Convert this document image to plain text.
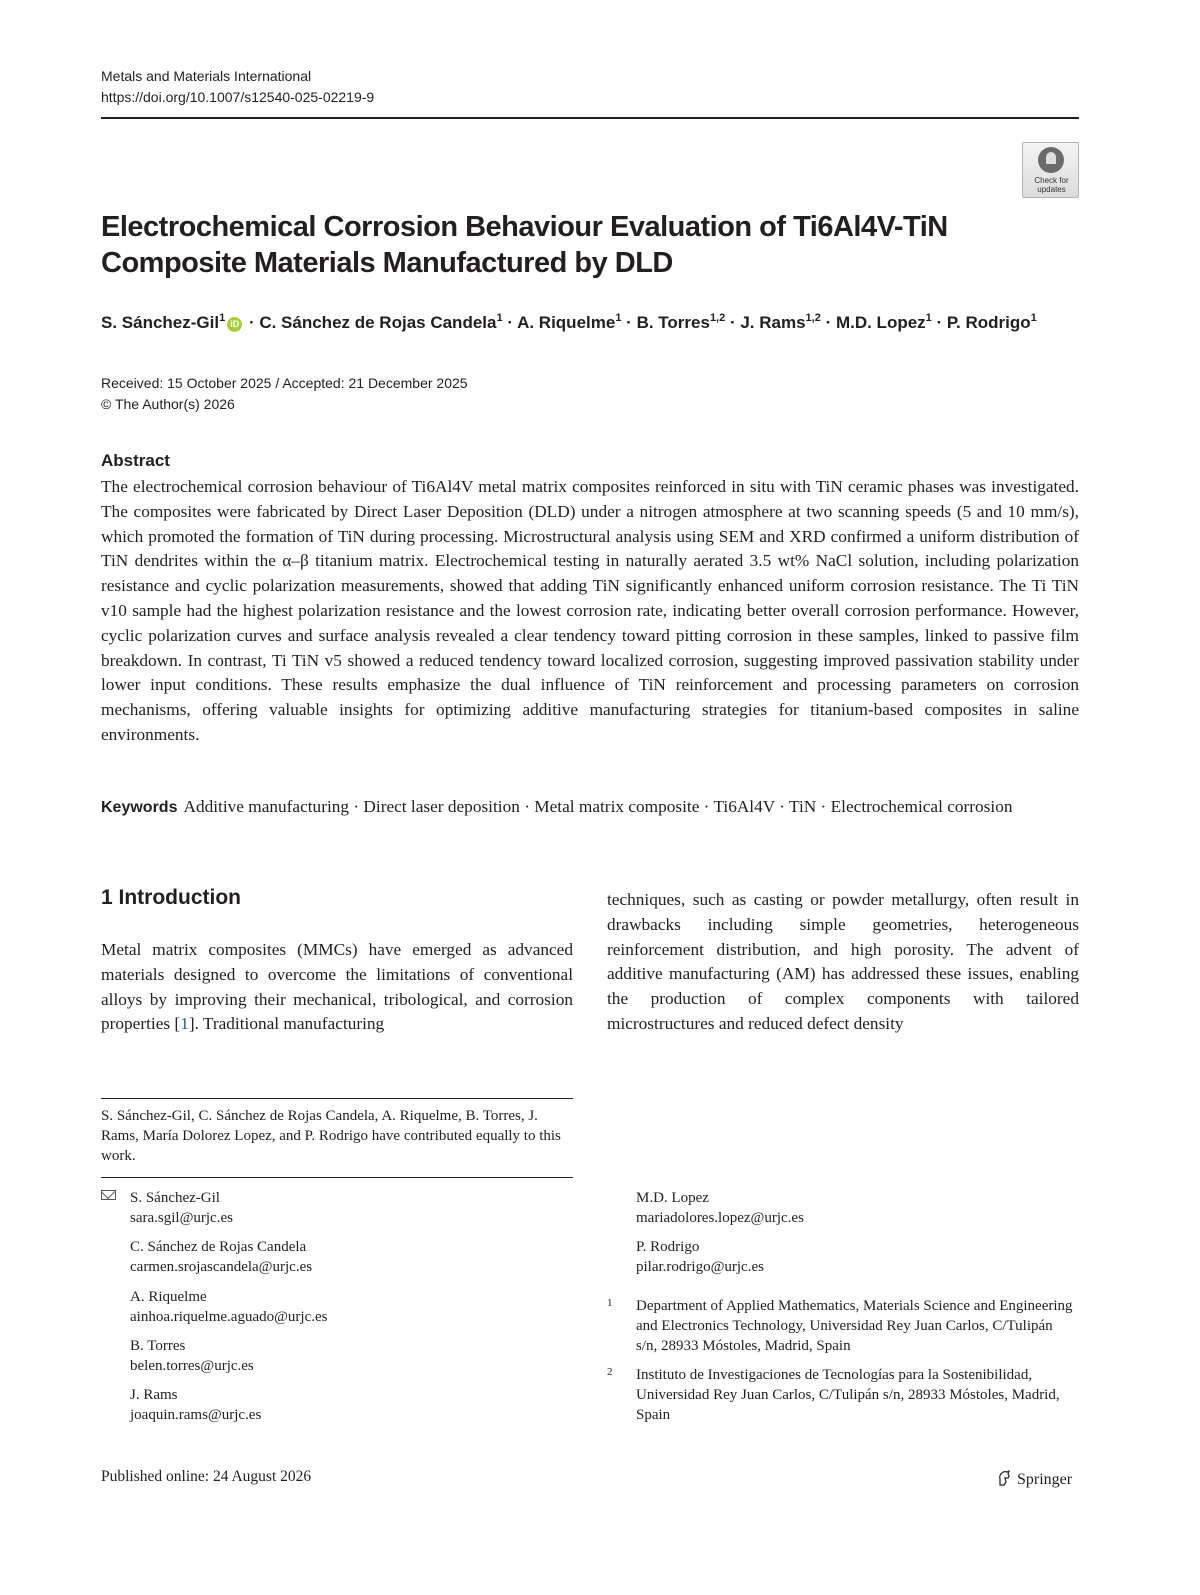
Metals and Materials International
https://doi.org/10.1007/s12540-025-02219-9
Check for
updates
Electrochemical Corrosion Behaviour Evaluation of Ti6Al4V-TiN
Composite Materials Manufactured by DLD
S. Sánchez-Gil$^1$ iD · C. Sánchez de Rojas Candela$^1$ · A. Riquelme$^1$ · B. Torres$^{1,2}$ · J. Rams$^{1,2}$ · M.D. Lopez$^1$ · P. Rodrigo$^1$
Received: 15 October 2025 / Accepted: 21 December 2025
© The Author(s) 2026
Abstract

The electrochemical corrosion behaviour of Ti6Al4V metal matrix composites reinforced in situ with TiN ceramic phases was investigated. The composites were fabricated by Direct Laser Deposition (DLD) under a nitrogen atmosphere at two scanning speeds (5 and 10 mm/s), which promoted the formation of TiN during processing. Microstructural analysis using SEM and XRD confirmed a uniform distribution of TiN dendrites within the α–β titanium matrix. Electrochemical testing in naturally aerated 3.5 wt% NaCl solution, including polarization resistance and cyclic polarization measurements, showed that adding TiN significantly enhanced uniform corrosion resistance. The Ti TiN v10 sample had the highest polarization resistance and the lowest corrosion rate, indicating better overall corrosion performance. However, cyclic polarization curves and surface analysis revealed a clear tendency toward pitting corrosion in these samples, linked to passive film breakdown. In contrast, Ti TiN v5 showed a reduced tendency toward localized corrosion, suggesting improved passivation stability under lower input conditions. These results emphasize the dual influence of TiN reinforcement and processing parameters on corrosion mechanisms, offering valuable insights for optimizing additive manufacturing strategies for titanium-based composites in saline environments.

Keywords Additive manufacturing · Direct laser deposition · Metal matrix composite · Ti6Al4V · TiN · Electrochemical corrosion
1 Introduction

Metal matrix composites (MMCs) have emerged as advanced materials designed to overcome the limitations of conventional alloys by improving their mechanical, tribological, and corrosion properties [1]. Traditional manufacturing

techniques, such as casting or powder metallurgy, often result in drawbacks including simple geometries, heterogeneous reinforcement distribution, and high porosity. The advent of additive manufacturing (AM) has addressed these issues, enabling the production of complex components with tailored microstructures and reduced defect density

S. Sánchez-Gil, C. Sánchez de Rojas Candela, A. Riquelme, B. Torres, J. Rams, María Dolorez Lopez, and P. Rodrigo have contributed equally to this work.

S. Sánchez-Gil
sara.sgil@urjc.es
C. Sánchez de Rojas Candela
carmen.srojascandela@urjc.es
A. Riquelme
ainhoa.riquelme.aguado@urjc.es
B. Torres
belen.torres@urjc.es
J. Rams
joaquin.rams@urjc.es
M.D. Lopez
mariadolores.lopez@urjc.es
P. Rodrigo
pilar.rodrigo@urjc.es
1 Department of Applied Mathematics, Materials Science and Engineering and Electronics Technology, Universidad Rey Juan Carlos, C/Tulipán s/n, 28933 Móstoles, Madrid, Spain

2 Instituto de Investigaciones de Tecnologías para la Sostenibilidad, Universidad Rey Juan Carlos, C/Tulipán s/n, 28933 Móstoles, Madrid, Spain

Published online: 24 August 2026	Springer
